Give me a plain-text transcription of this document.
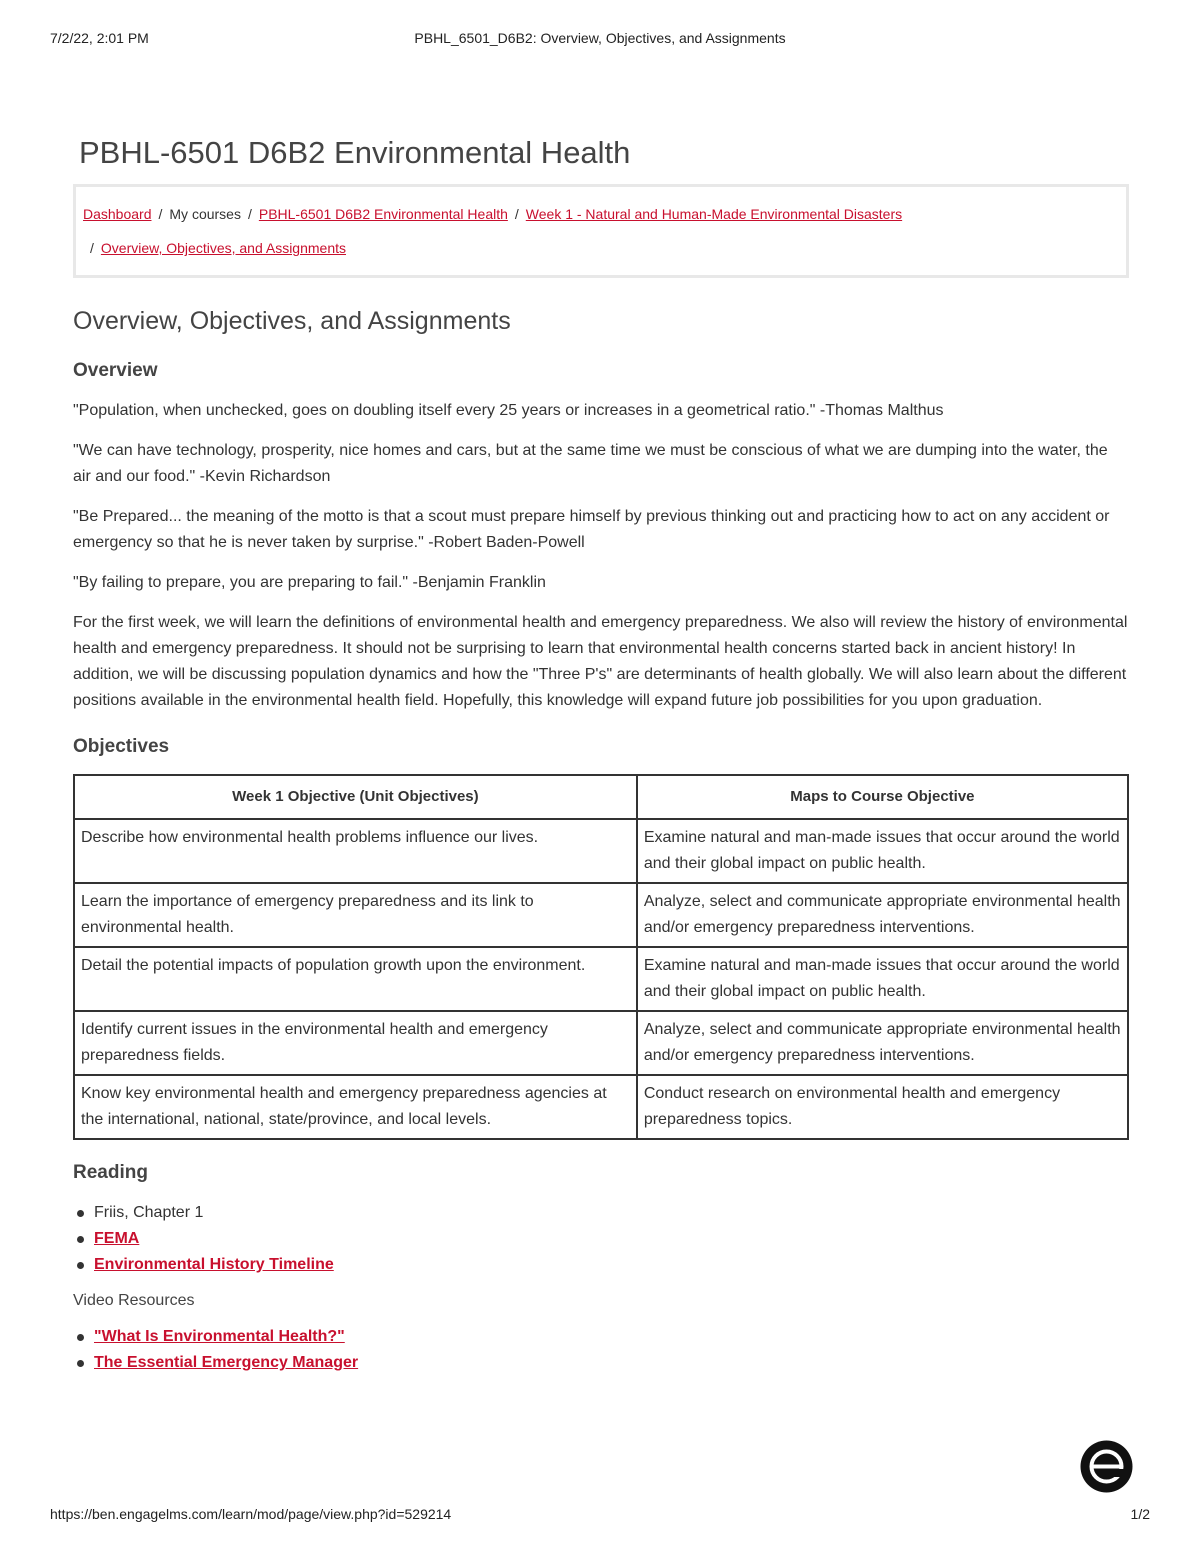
7/2/22, 2:01 PM	PBHL_6501_D6B2: Overview, Objectives, and Assignments
PBHL-6501 D6B2 Environmental Health
Dashboard / My courses / PBHL-6501 D6B2 Environmental Health / Week 1 - Natural and Human-Made Environmental Disasters
/ Overview, Objectives, and Assignments
Overview, Objectives, and Assignments
Overview

"Population, when unchecked, goes on doubling itself every 25 years or increases in a geometrical ratio." -Thomas Malthus

"We can have technology, prosperity, nice homes and cars, but at the same time we must be conscious of what we are dumping into the water, the air and our food." -Kevin Richardson

"Be Prepared... the meaning of the motto is that a scout must prepare himself by previous thinking out and practicing how to act on any accident or emergency so that he is never taken by surprise." -Robert Baden-Powell

"By failing to prepare, you are preparing to fail." -Benjamin Franklin

For the first week, we will learn the definitions of environmental health and emergency preparedness. We also will review the history of environmental health and emergency preparedness. It should not be surprising to learn that environmental health concerns started back in ancient history! In addition, we will be discussing population dynamics and how the "Three P's" are determinants of health globally. We will also learn about the different positions available in the environmental health field. Hopefully, this knowledge will expand future job possibilities for you upon graduation.

Objectives
Week 1 Objective (Unit Objectives)	Maps to Course Objective
Describe how environmental health problems influence our lives.	Examine natural and man-made issues that occur around the world and their global impact on public health.
Learn the importance of emergency preparedness and its link to environmental health.	Analyze, select and communicate appropriate environmental health and/or emergency preparedness interventions.
Detail the potential impacts of population growth upon the environment.	Examine natural and man-made issues that occur around the world and their global impact on public health.
Identify current issues in the environmental health and emergency preparedness fields.	Analyze, select and communicate appropriate environmental health and/or emergency preparedness interventions.
Know key environmental health and emergency preparedness agencies at the international, national, state/province, and local levels.	Conduct research on environmental health and emergency preparedness topics.
Reading
Friis, Chapter 1
FEMA
Environmental History Timeline
Video Resources
"What Is Environmental Health?"
The Essential Emergency Manager
https://ben.engagelms.com/learn/mod/page/view.php?id=529214	1/2
